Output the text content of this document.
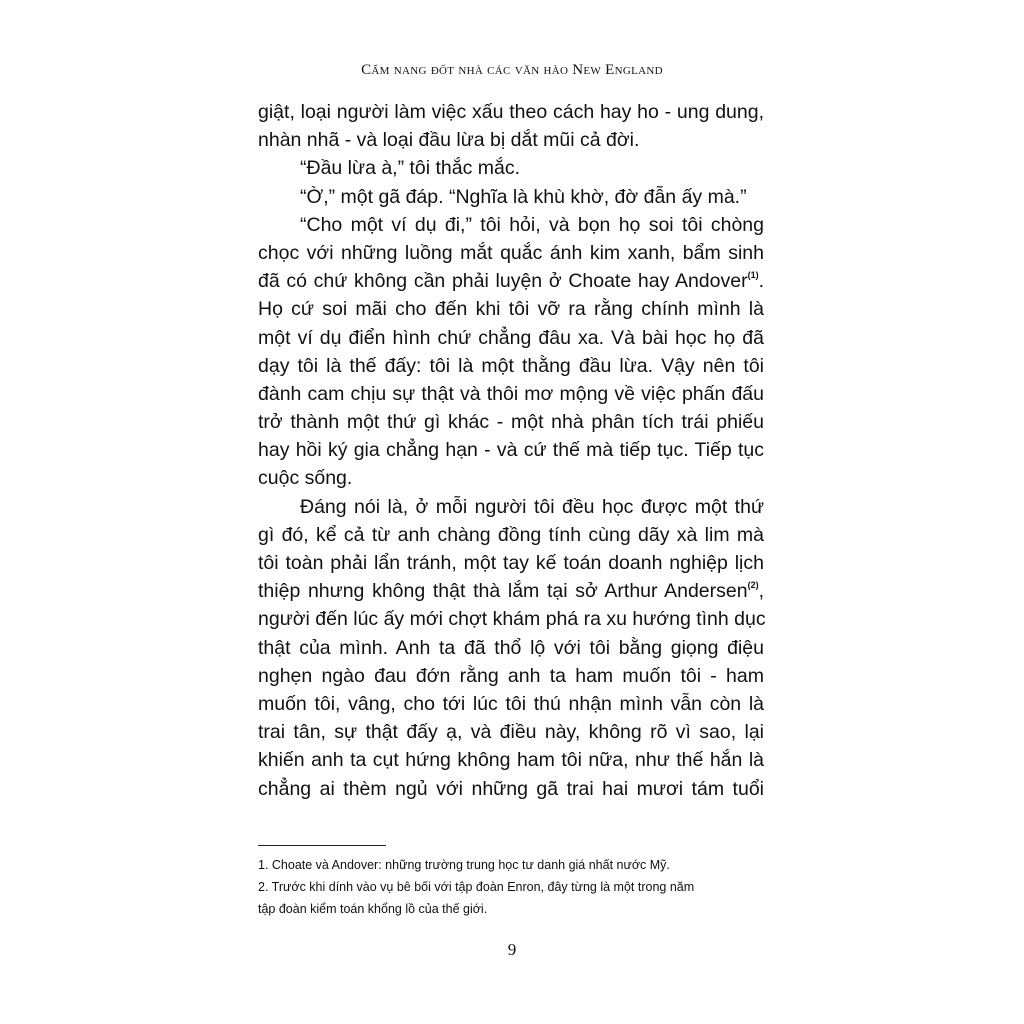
Cẩm nang đốt nhà các văn hào New England
giật, loại người làm việc xấu theo cách hay ho - ung dung,
nhàn nhã - và loại đầu lừa bị dắt mũi cả đời.
“Đầu lừa à,” tôi thắc mắc.
“Ờ,” một gã đáp. “Nghĩa là khù khờ, đờ đẫn ấy mà.”
“Cho một ví dụ đi,” tôi hỏi, và bọn họ soi tôi chòng
chọc với những luồng mắt quắc ánh kim xanh, bẩm sinh
đã có chứ không cần phải luyện ở Choate hay Andover$^{(1)}$.
Họ cứ soi mãi cho đến khi tôi vỡ ra rằng chính mình là
một ví dụ điển hình chứ chẳng đâu xa. Và bài học họ đã
dạy tôi là thế đấy: tôi là một thằng đầu lừa. Vậy nên tôi
đành cam chịu sự thật và thôi mơ mộng về việc phấn đấu
trở thành một thứ gì khác - một nhà phân tích trái phiếu
hay hồi ký gia chẳng hạn - và cứ thế mà tiếp tục. Tiếp tục
cuộc sống.
Đáng nói là, ở mỗi người tôi đều học được một thứ
gì đó, kể cả từ anh chàng đồng tính cùng dãy xà lim mà
tôi toàn phải lẩn tránh, một tay kế toán doanh nghiệp lịch
thiệp nhưng không thật thà lắm tại sở Arthur Andersen$^{(2)}$,
người đến lúc ấy mới chợt khám phá ra xu hướng tình dục
thật của mình. Anh ta đã thổ lộ với tôi bằng giọng điệu
nghẹn ngào đau đớn rằng anh ta ham muốn tôi - ham
muốn tôi, vâng, cho tới lúc tôi thú nhận mình vẫn còn là
trai tân, sự thật đấy ạ, và điều này, không rõ vì sao, lại
khiến anh ta cụt hứng không ham tôi nữa, như thế hắn là
chẳng ai thèm ngủ với những gã trai hai mươi tám tuổi
1. Choate và Andover: những trường trung học tư danh giá nhất nước Mỹ.
2. Trước khi dính vào vụ bê bối với tập đoàn Enron, đây từng là một trong năm
tập đoàn kiểm toán khổng lồ của thế giới.
9
